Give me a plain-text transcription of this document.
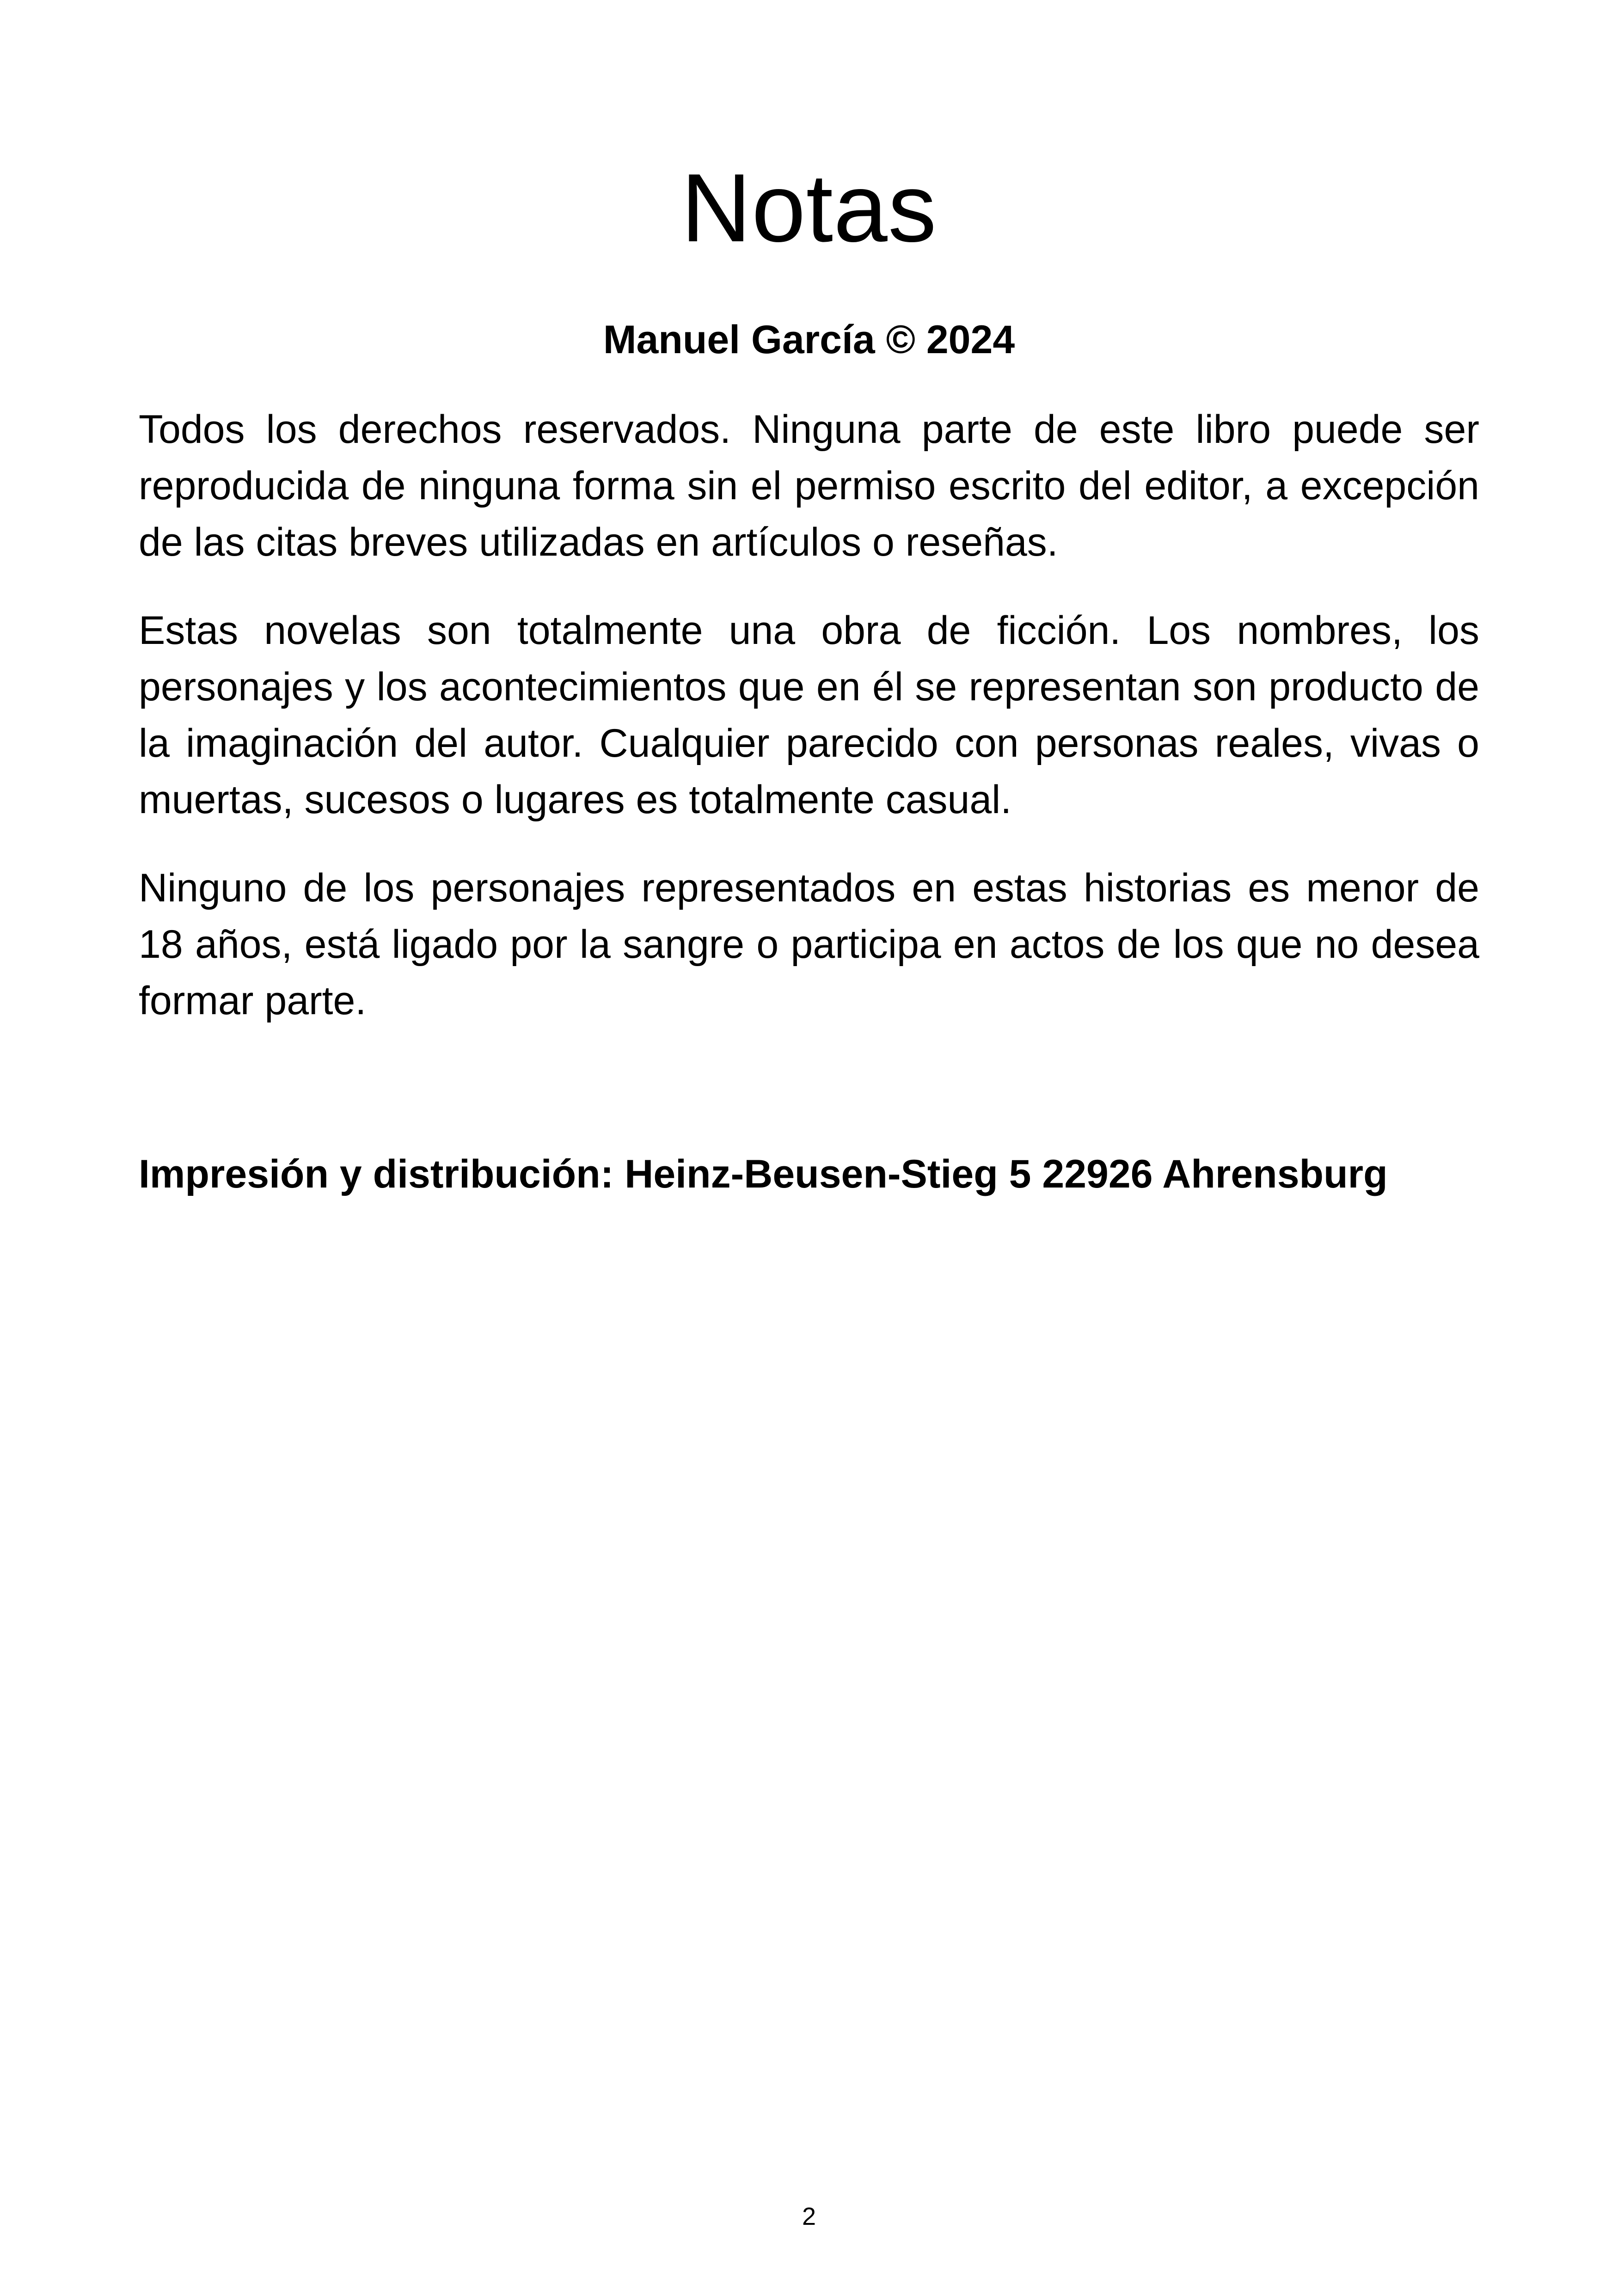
Notas

Manuel García © 2024

Todos los derechos reservados. Ninguna parte de este libro puede ser reproducida de ninguna forma sin el permiso escrito del editor, a excepción de las citas breves utilizadas en artículos o reseñas.

Estas novelas son totalmente una obra de ficción. Los nombres, los personajes y los acontecimientos que en él se representan son producto de la imaginación del autor. Cualquier parecido con personas reales, vivas o muertas, sucesos o lugares es totalmente casual.

Ninguno de los personajes representados en estas historias es menor de 18 años, está ligado por la sangre o participa en actos de los que no desea formar parte.

Impresión y distribución: Heinz-Beusen-Stieg 5 22926 Ahrensburg

2
